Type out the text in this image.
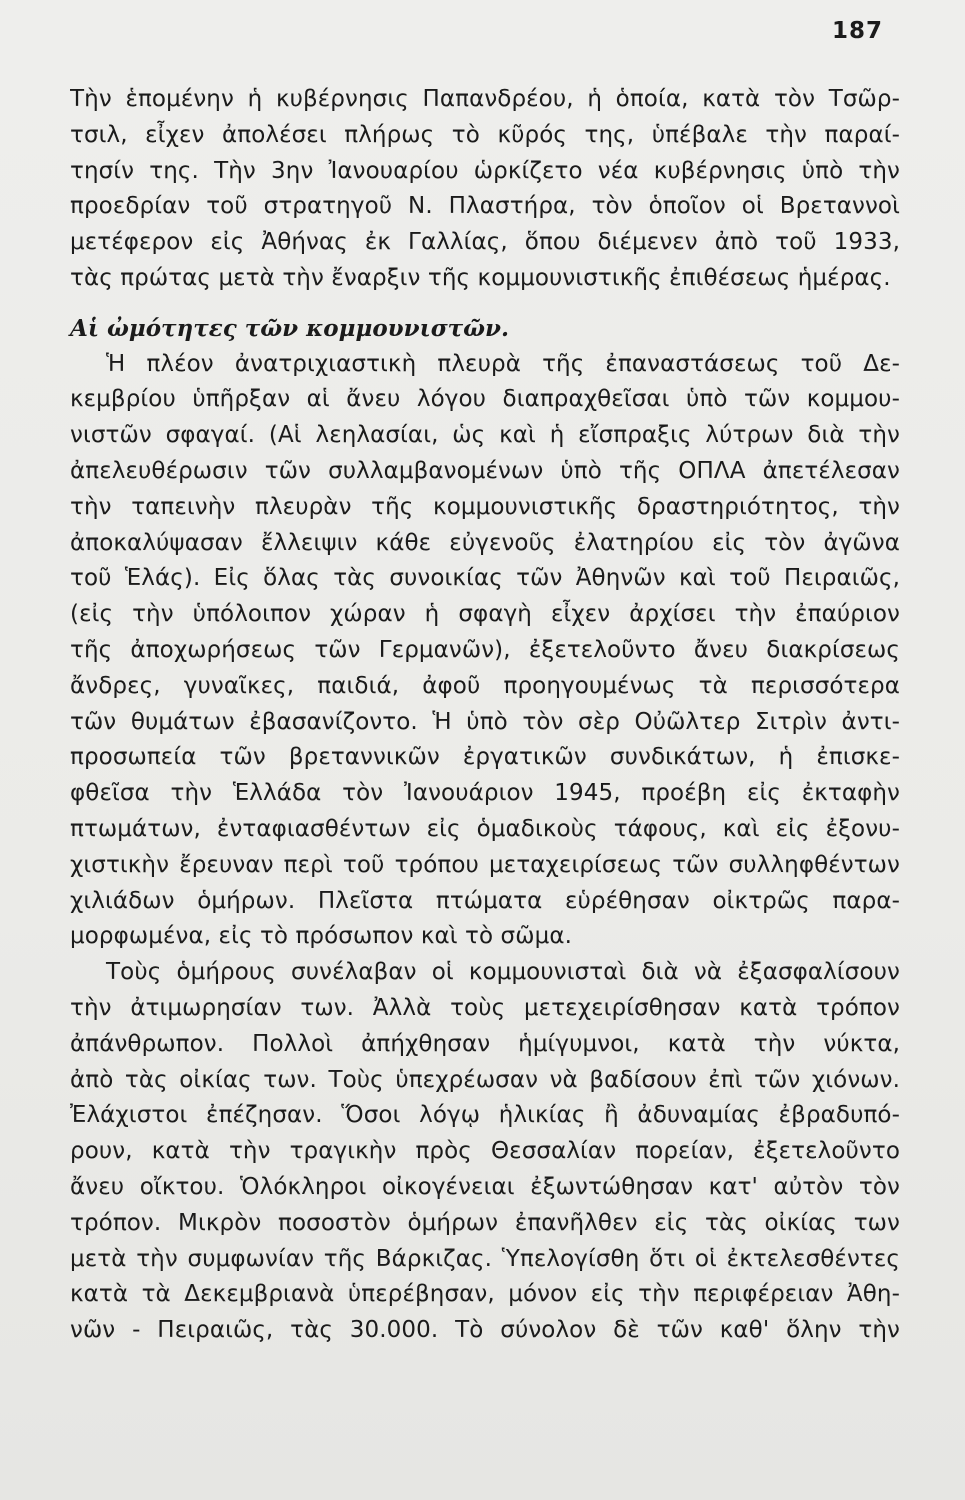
187

Τὴν ἑπομένην ἡ κυβέρνησις Παπανδρέου, ἡ ὁποία, κατὰ τὸν Τσῶρ-
τσιλ, εἶχεν ἀπολέσει πλήρως τὸ κῦρός της, ὑπέβαλε τὴν παραί-
τησίν της. Τὴν 3ην Ἰανουαρίου ὡρκίζετο νέα κυβέρνησις ὑπὸ τὴν
προεδρίαν τοῦ στρατηγοῦ Ν. Πλαστήρα, τὸν ὁποῖον οἱ Βρεταννοὶ
μετέφερον εἰς Ἀθήνας ἐκ Γαλλίας, ὅπου διέμενεν ἀπὸ τοῦ 1933,
τὰς πρώτας μετὰ τὴν ἔναρξιν τῆς κομμουνιστικῆς ἐπιθέσεως ἡμέρας.
Αἱ ὠμότητες τῶν κομμουνιστῶν.
Ἡ πλέον ἀνατριχιαστικὴ πλευρὰ τῆς ἐπαναστάσεως τοῦ Δε-
κεμβρίου ὑπῆρξαν αἱ ἄνευ λόγου διαπραχθεῖσαι ὑπὸ τῶν κομμου-
νιστῶν σφαγαί. (Αἱ λεηλασίαι, ὡς καὶ ἡ εἴσπραξις λύτρων διὰ τὴν
ἀπελευθέρωσιν τῶν συλλαμβανομένων ὑπὸ τῆς ΟΠΛΑ ἀπετέλεσαν
τὴν ταπεινὴν πλευρὰν τῆς κομμουνιστικῆς δραστηριότητος, τὴν
ἀποκαλύψασαν ἔλλειψιν κάθε εὐγενοῦς ἐλατηρίου εἰς τὸν ἀγῶνα
τοῦ Ἑλάς). Εἰς ὅλας τὰς συνοικίας τῶν Ἀθηνῶν καὶ τοῦ Πειραιῶς,
(εἰς τὴν ὑπόλοιπον χώραν ἡ σφαγὴ εἶχεν ἀρχίσει τὴν ἐπαύριον
τῆς ἀποχωρήσεως τῶν Γερμανῶν), ἐξετελοῦντο ἄνευ διακρίσεως
ἄνδρες, γυναῖκες, παιδιά, ἀφοῦ προηγουμένως τὰ περισσότερα
τῶν θυμάτων ἐβασανίζοντο. Ἡ ὑπὸ τὸν σὲρ Οὐῶλτερ Σιτρὶν ἀντι-
προσωπεία τῶν βρεταννικῶν ἐργατικῶν συνδικάτων, ἡ ἐπισκε-
φθεῖσα τὴν Ἑλλάδα τὸν Ἰανουάριον 1945, προέβη εἰς ἐκταφὴν
πτωμάτων, ἐνταφιασθέντων εἰς ὁμαδικοὺς τάφους, καὶ εἰς ἐξονυ-
χιστικὴν ἔρευναν περὶ τοῦ τρόπου μεταχειρίσεως τῶν συλληφθέντων
χιλιάδων ὁμήρων. Πλεῖστα πτώματα εὑρέθησαν οἰκτρῶς παρα-
μορφωμένα, εἰς τὸ πρόσωπον καὶ τὸ σῶμα.
Τοὺς ὁμήρους συνέλαβαν οἱ κομμουνισταὶ διὰ νὰ ἐξασφαλίσουν
τὴν ἀτιμωρησίαν των. Ἀλλὰ τοὺς μετεχειρίσθησαν κατὰ τρόπον
ἀπάνθρωπον. Πολλοὶ ἀπήχθησαν ἡμίγυμνοι, κατὰ τὴν νύκτα,
ἀπὸ τὰς οἰκίας των. Τοὺς ὑπεχρέωσαν νὰ βαδίσουν ἐπὶ τῶν χιόνων.
Ἐλάχιστοι ἐπέζησαν. Ὅσοι λόγῳ ἡλικίας ἢ ἀδυναμίας ἐβραδυπό-
ρουν, κατὰ τὴν τραγικὴν πρὸς Θεσσαλίαν πορείαν, ἐξετελοῦντο
ἄνευ οἴκτου. Ὁλόκληροι οἰκογένειαι ἐξωντώθησαν κατ' αὐτὸν τὸν
τρόπον. Μικρὸν ποσοστὸν ὁμήρων ἐπανῆλθεν εἰς τὰς οἰκίας των
μετὰ τὴν συμφωνίαν τῆς Βάρκιζας. Ὑπελογίσθη ὅτι οἱ ἐκτελεσθέντες
κατὰ τὰ Δεκεμβριανὰ ὑπερέβησαν, μόνον εἰς τὴν περιφέρειαν Ἀθη-
νῶν - Πειραιῶς, τὰς 30.000. Τὸ σύνολον δὲ τῶν καθ' ὅλην τὴν
